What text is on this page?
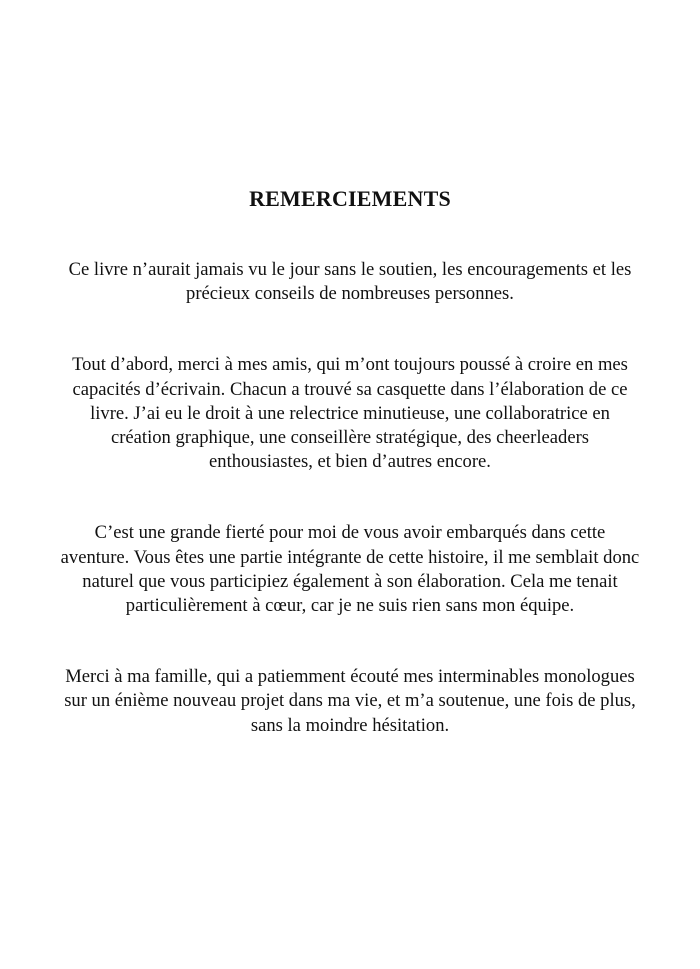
REMERCIEMENTS

Ce livre n’aurait jamais vu le jour sans le soutien, les encouragements et les précieux conseils de nombreuses personnes.

Tout d’abord, merci à mes amis, qui m’ont toujours poussé à croire en mes capacités d’écrivain. Chacun a trouvé sa casquette dans l’élaboration de ce livre. J’ai eu le droit à une relectrice minutieuse, une collaboratrice en création graphique, une conseillère stratégique, des cheerleaders enthousiastes, et bien d’autres encore.

C’est une grande fierté pour moi de vous avoir embarqués dans cette aventure. Vous êtes une partie intégrante de cette histoire, il me semblait donc naturel que vous participiez également à son élaboration. Cela me tenait particulièrement à cœur, car je ne suis rien sans mon équipe.

Merci à ma famille, qui a patiemment écouté mes interminables monologues sur un énième nouveau projet dans ma vie, et m’a soutenue, une fois de plus, sans la moindre hésitation.
